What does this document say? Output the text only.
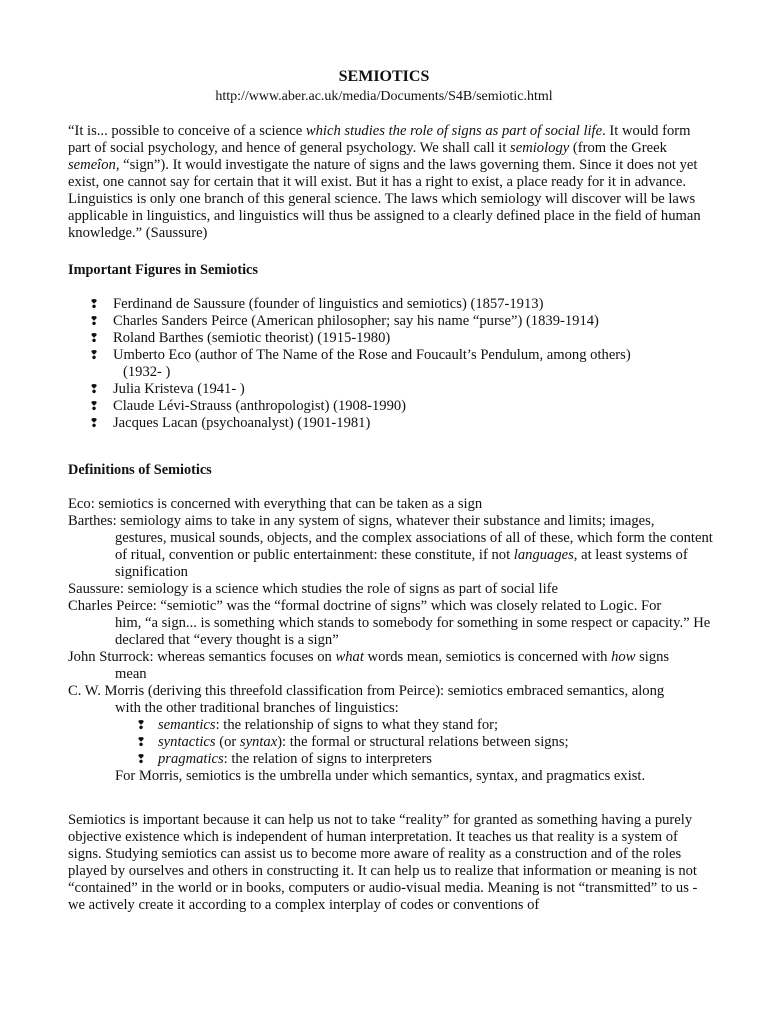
SEMIOTICS
http://www.aber.ac.uk/media/Documents/S4B/semiotic.html
“It is... possible to conceive of a science which studies the role of signs as part of social life. It would form part of social psychology, and hence of general psychology. We shall call it semiology (from the Greek semeîon, “sign”). It would investigate the nature of signs and the laws governing them. Since it does not yet exist, one cannot say for certain that it will exist. But it has a right to exist, a place ready for it in advance. Linguistics is only one branch of this general science. The laws which semiology will discover will be laws applicable in linguistics, and linguistics will thus be assigned to a clearly defined place in the field of human knowledge.” (Saussure)
Important Figures in Semiotics
❢ Ferdinand de Saussure (founder of linguistics and semiotics) (1857-1913)
❢ Charles Sanders Peirce (American philosopher; say his name “purse”) (1839-1914)
❢ Roland Barthes (semiotic theorist) (1915-1980)
❢ Umberto Eco (author of The Name of the Rose and Foucault’s Pendulum, among others)
(1932- )
❢ Julia Kristeva (1941- )
❢ Claude Lévi-Strauss (anthropologist) (1908-1990)
❢ Jacques Lacan (psychoanalyst) (1901-1981)
Definitions of Semiotics
Eco: semiotics is concerned with everything that can be taken as a sign
Barthes: semiology aims to take in any system of signs, whatever their substance and limits; images,
gestures, musical sounds, objects, and the complex associations of all of these, which form the content of ritual, convention or public entertainment: these constitute, if not languages, at least systems of signification
Saussure: semiology is a science which studies the role of signs as part of social life
Charles Peirce: “semiotic” was the “formal doctrine of signs” which was closely related to Logic. For
him, “a sign... is something which stands to somebody for something in some respect or capacity.” He declared that “every thought is a sign”
John Sturrock: whereas semantics focuses on what words mean, semiotics is concerned with how signs
mean
C. W. Morris (deriving this threefold classification from Peirce): semiotics embraced semantics, along
with the other traditional branches of linguistics:
❢ semantics: the relationship of signs to what they stand for;
❢ syntactics (or syntax): the formal or structural relations between signs;
❢ pragmatics: the relation of signs to interpreters
For Morris, semiotics is the umbrella under which semantics, syntax, and pragmatics exist.
Semiotics is important because it can help us not to take “reality” for granted as something having a purely objective existence which is independent of human interpretation. It teaches us that reality is a system of signs. Studying semiotics can assist us to become more aware of reality as a construction and of the roles played by ourselves and others in constructing it. It can help us to realize that information or meaning is not “contained” in the world or in books, computers or audio-visual media. Meaning is not “transmitted” to us - we actively create it according to a complex interplay of codes or conventions of
